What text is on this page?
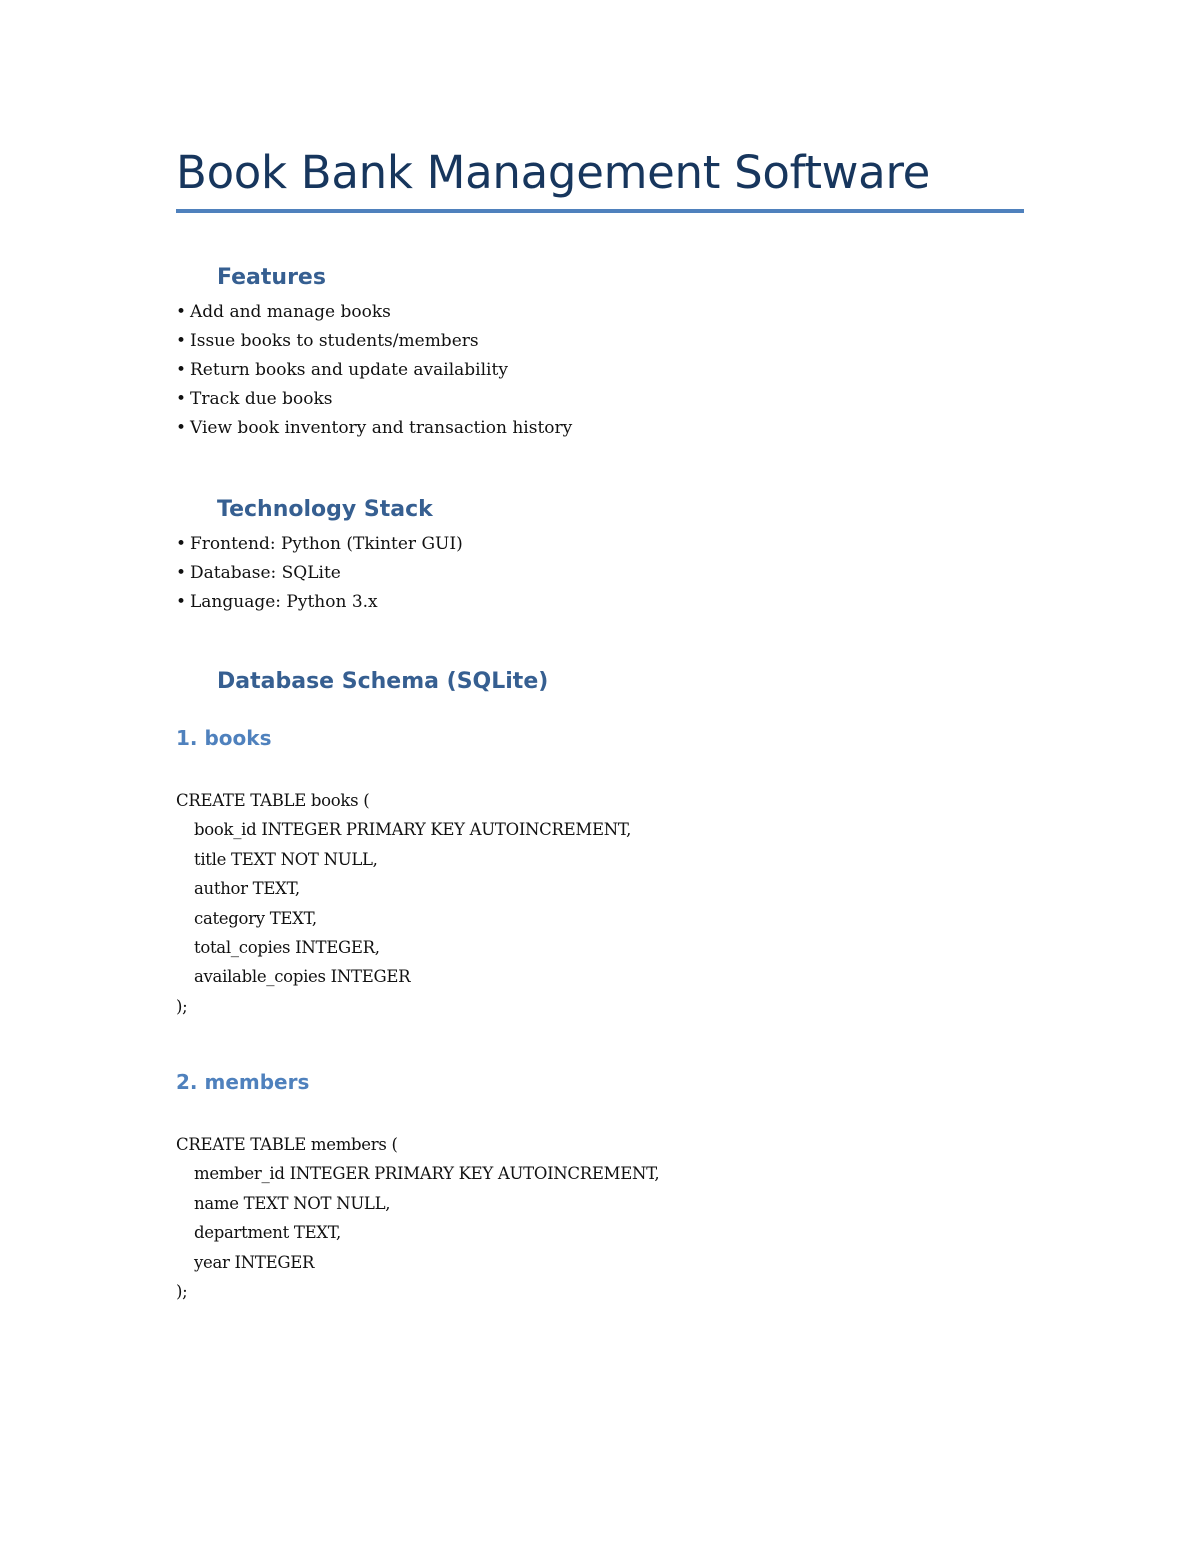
Book Bank Management Software
Features
• Add and manage books
• Issue books to students/members
• Return books and update availability
• Track due books
• View book inventory and transaction history
Technology Stack
• Frontend: Python (Tkinter GUI)
• Database: SQLite
• Language: Python 3.x
Database Schema (SQLite)
1. books
CREATE TABLE books (
book_id INTEGER PRIMARY KEY AUTOINCREMENT,
title TEXT NOT NULL,
author TEXT,
category TEXT,
total_copies INTEGER,
available_copies INTEGER
);
2. members
CREATE TABLE members (
member_id INTEGER PRIMARY KEY AUTOINCREMENT,
name TEXT NOT NULL,
department TEXT,
year INTEGER
);
